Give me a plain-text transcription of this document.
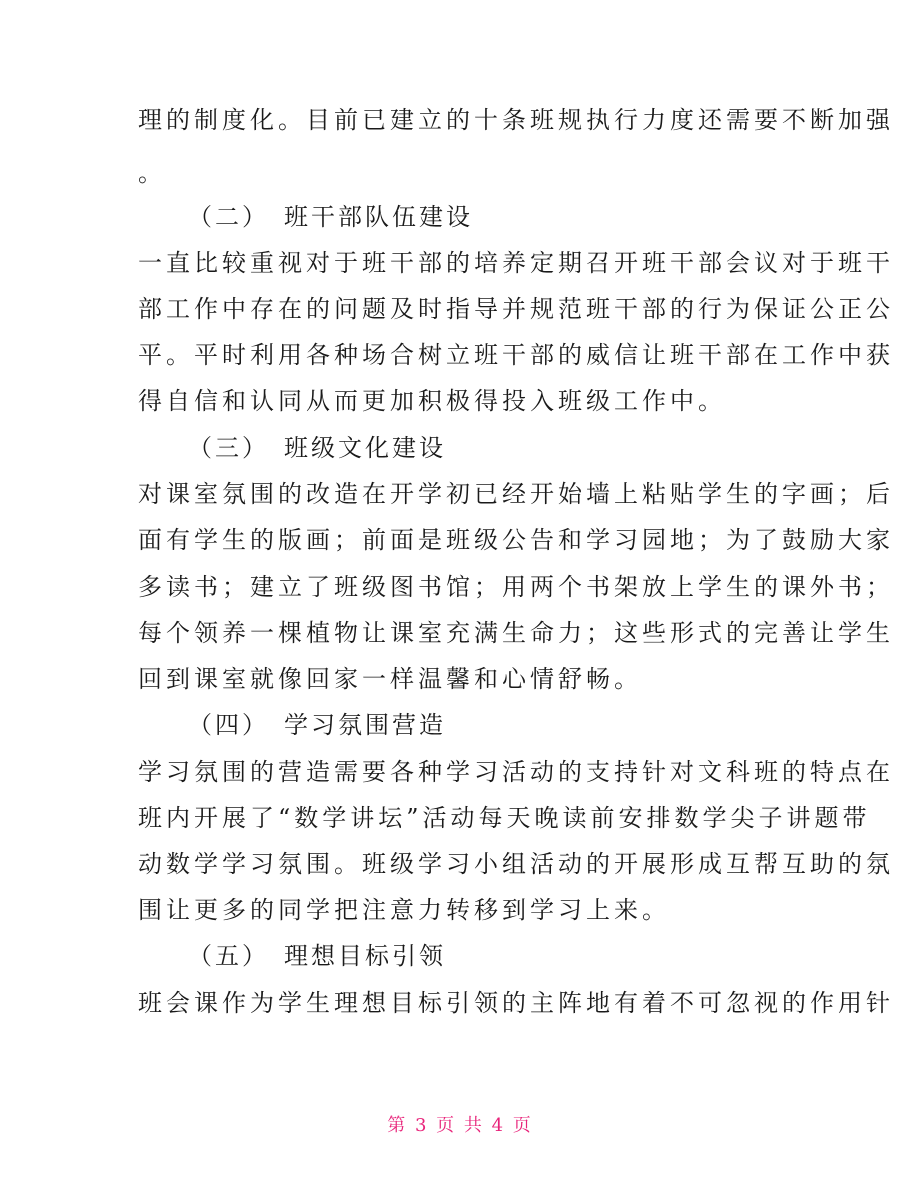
理的制度化。目前已建立的十条班规执行力度还需要不断加强
。
（二）　班干部队伍建设
一直比较重视对于班干部的培养定期召开班干部会议对于班干
部工作中存在的问题及时指导并规范班干部的行为保证公正公
平。平时利用各种场合树立班干部的威信让班干部在工作中获
得自信和认同从而更加积极得投入班级工作中。
（三）　班级文化建设
对课室氛围的改造在开学初已经开始墙上粘贴学生的字画；后
面有学生的版画；前面是班级公告和学习园地；为了鼓励大家
多读书；建立了班级图书馆；用两个书架放上学生的课外书；
每个领养一棵植物让课室充满生命力；这些形式的完善让学生
回到课室就像回家一样温馨和心情舒畅。
（四）　学习氛围营造
学习氛围的营造需要各种学习活动的支持针对文科班的特点在
班内开展了“数学讲坛”活动每天晚读前安排数学尖子讲题带
动数学学习氛围。班级学习小组活动的开展形成互帮互助的氛
围让更多的同学把注意力转移到学习上来。
（五）　理想目标引领
班会课作为学生理想目标引领的主阵地有着不可忽视的作用针
第 3 页 共 4 页
